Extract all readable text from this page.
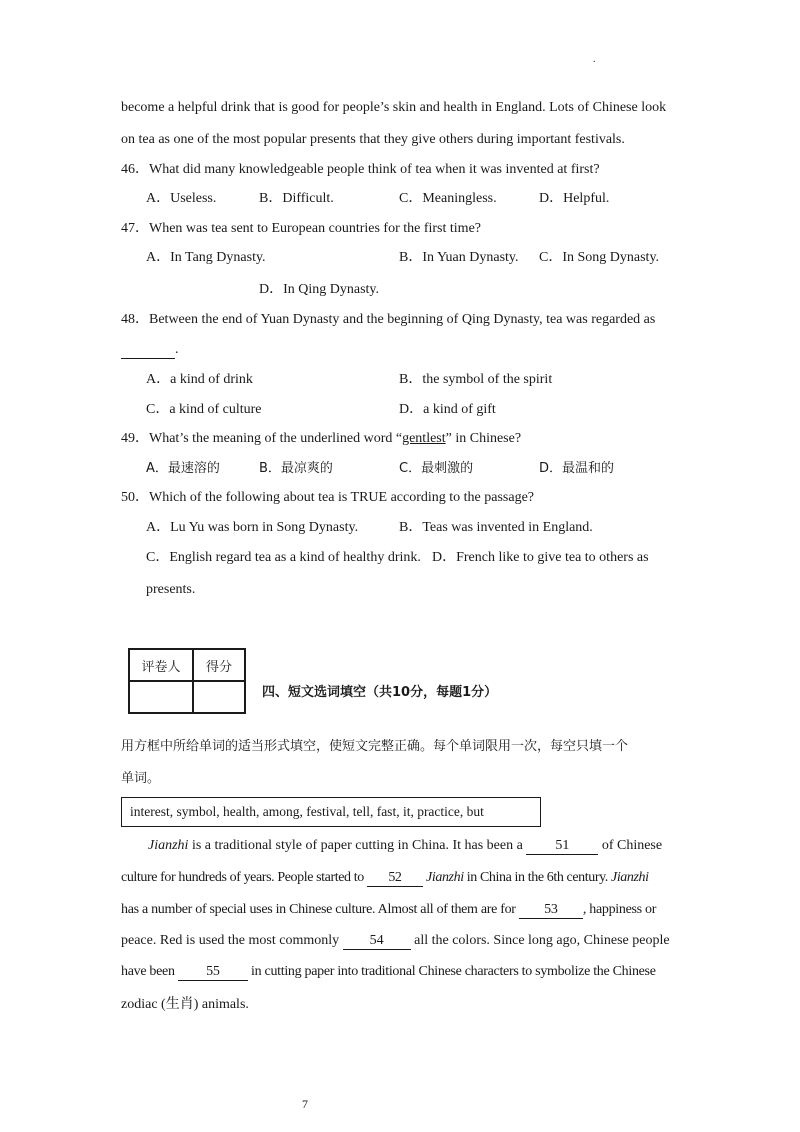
.
become a helpful drink that is good for people’s skin and health in England. Lots of Chinese look
on tea as one of the most popular presents that they give others during important festivals.
46．What did many knowledgeable people think of tea when it was invented at first?
A．Useless.	B．Difficult.	C．Meaningless.	D．Helpful.
47．When was tea sent to European countries for the first time?
A．In Tang Dynasty.	B．In Yuan Dynasty. C．In Song Dynasty.
D．In Qing Dynasty.
48．Between the end of Yuan Dynasty and the beginning of Qing Dynasty, tea was regarded as
.
A．a kind of drink	B．the symbol of the spirit
C．a kind of culture	D．a kind of gift
49．What’s the meaning of the underlined word “gentlest” in Chinese?
A．最速溶的	B．最凉爽的	C．最刺激的	D．最温和的
50．Which of the following about tea is TRUE according to the passage?
A．Lu Yu was born in Song Dynasty.	B．Teas was invented in England.
C．English regard tea as a kind of healthy drink. D．French like to give tea to others as presents.
评卷人	得分

四、短文选词填空（共10分，每题1分）
用方框中所给单词的适当形式填空，使短文完整正确。每个单词限用一次，每空只填一个
单词。
interest, symbol, health, among, festival, tell, fast, it, practice, but
Jianzhi is a traditional style of paper cutting in China. It has been a 51 of Chinese
culture for hundreds of years. People started to 52 Jianzhi in China in the 6th century. Jianzhi
has a number of special uses in Chinese culture. Almost all of them are for 53 , happiness or
peace. Red is used the most commonly 54 all the colors. Since long ago, Chinese people
have been 55 in cutting paper into traditional Chinese characters to symbolize the Chinese
zodiac (生肖) animals.
7
